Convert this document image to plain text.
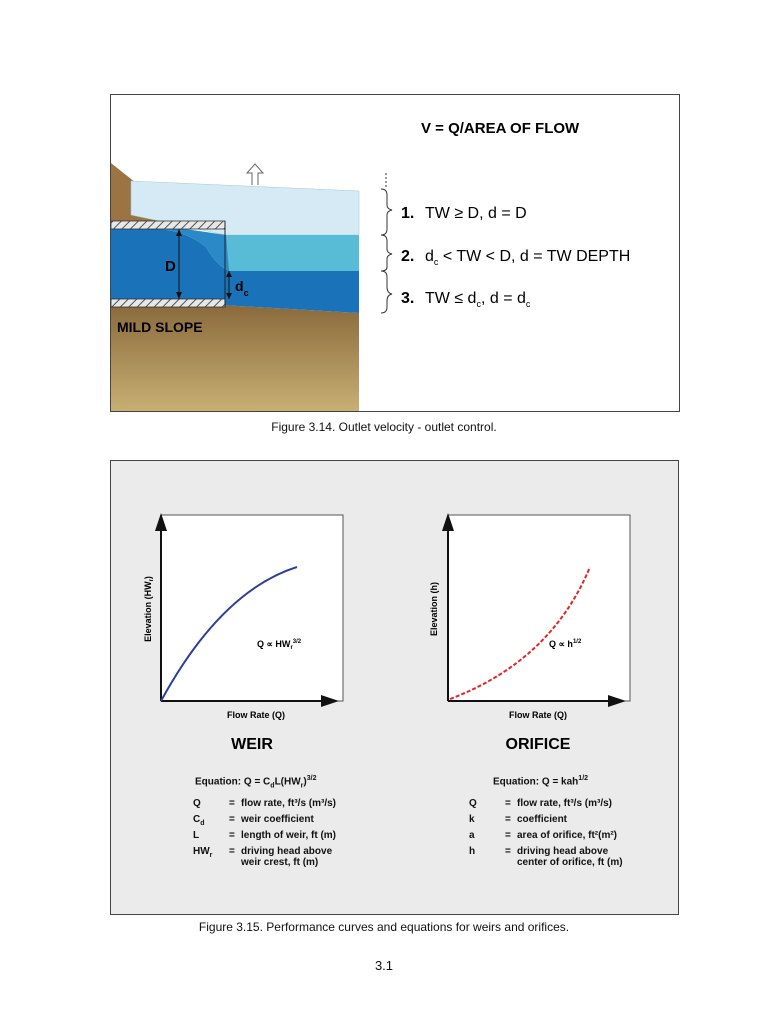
V = Q/AREA OF FLOW
D
$d_c$
MILD SLOPE
1. TW ≥ D, d = D
2. $d_c$ < TW < D, d = TW DEPTH
3. TW ≤ $d_c$, $d = d_c$
Figure 3.14. Outlet velocity - outlet control.
Elevation $(HW_r)$
$Q \propto HW_r^{3/2}$
Flow Rate (Q)
WEIR
Elevation (h)
$Q \propto h^{1/2}$
Flow Rate (Q)
ORIFICE
Equation: $Q = C_dL(HW_r)^{3/2}$
Q	= flow rate, ft³/s (m³/s)
$C_d$	= weir coefficient
L	= length of weir, ft (m)
$HW_r$	= driving head above weir crest, ft (m)
Equation: Q = kah$^{1/2}$
Q	= flow rate, ft³/s (m³/s)
k	= coefficient
a	= area of orifice, ft²(m²)
h	= driving head above center of orifice, ft (m)
Figure 3.15. Performance curves and equations for weirs and orifices.
3.1
